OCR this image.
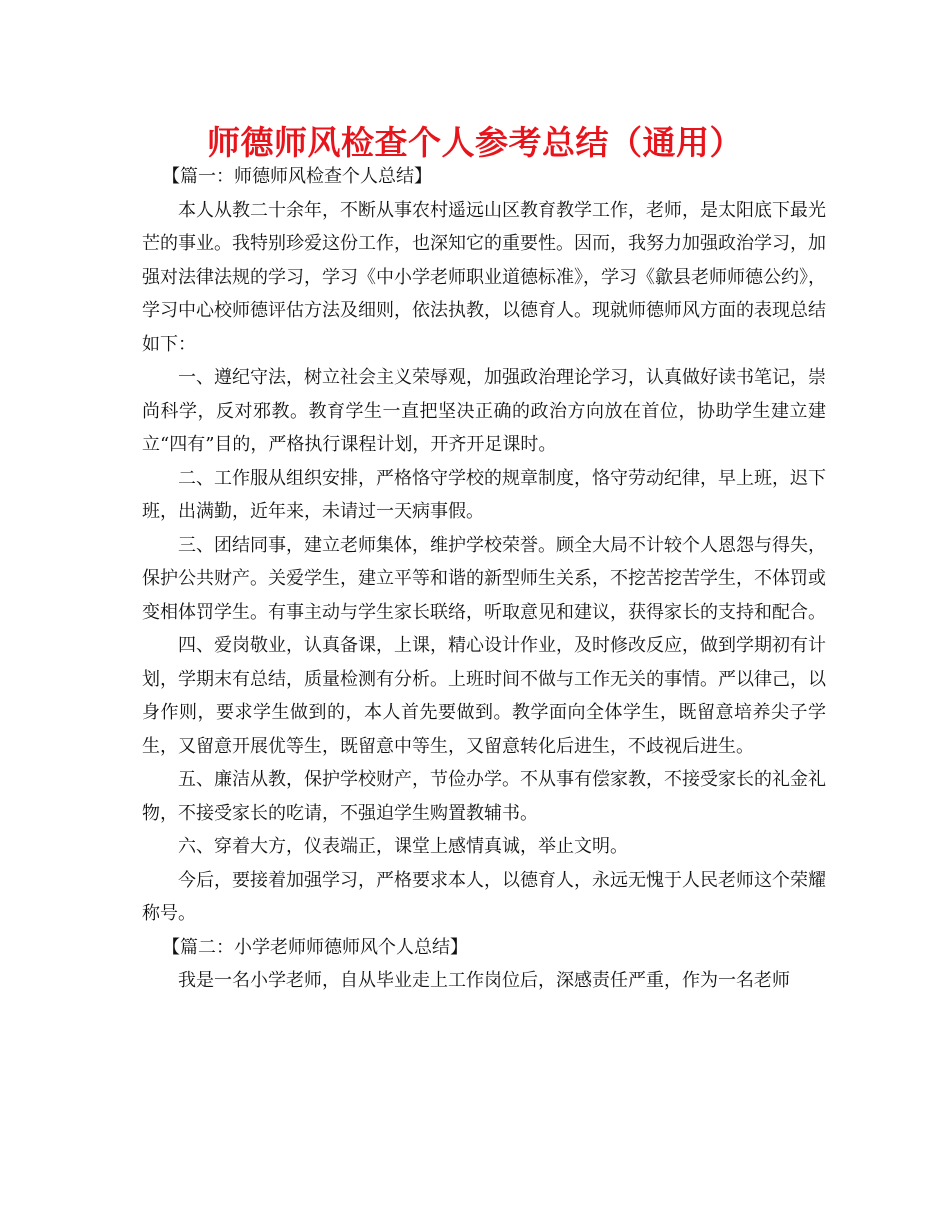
师德师风检查个人参考总结（通用）

【篇一：师德师风检查个人总结】

本人从教二十余年，不断从事农村遥远山区教育教学工作，老师，是太阳底下最光芒的事业。我特别珍爱这份工作，也深知它的重要性。因而，我努力加强政治学习，加强对法律法规的学习，学习《中小学老师职业道德标准》，学习《歙县老师师德公约》，学习中心校师德评估方法及细则，依法执教，以德育人。现就师德师风方面的表现总结如下：

一、遵纪守法，树立社会主义荣辱观，加强政治理论学习，认真做好读书笔记，崇尚科学，反对邪教。教育学生一直把坚决正确的政治方向放在首位，协助学生建立建立“四有”目的，严格执行课程计划，开齐开足课时。

二、工作服从组织安排，严格恪守学校的规章制度，恪守劳动纪律，早上班，迟下班，出满勤，近年来，未请过一天病事假。

三、团结同事，建立老师集体，维护学校荣誉。顾全大局不计较个人恩怨与得失，保护公共财产。关爱学生，建立平等和谐的新型师生关系，不挖苦挖苦学生，不体罚或变相体罚学生。有事主动与学生家长联络，听取意见和建议，获得家长的支持和配合。

四、爱岗敬业，认真备课，上课，精心设计作业，及时修改反应，做到学期初有计划，学期末有总结，质量检测有分析。上班时间不做与工作无关的事情。严以律己，以身作则，要求学生做到的，本人首先要做到。教学面向全体学生，既留意培养尖子学生，又留意开展优等生，既留意中等生，又留意转化后进生，不歧视后进生。

五、廉洁从教，保护学校财产，节俭办学。不从事有偿家教，不接受家长的礼金礼物，不接受家长的吃请，不强迫学生购置教辅书。

六、穿着大方，仪表端正，课堂上感情真诚，举止文明。

今后，要接着加强学习，严格要求本人，以德育人，永远无愧于人民老师这个荣耀称号。

【篇二：小学老师师德师风个人总结】

我是一名小学老师，自从毕业走上工作岗位后，深感责任严重，作为一名老师
